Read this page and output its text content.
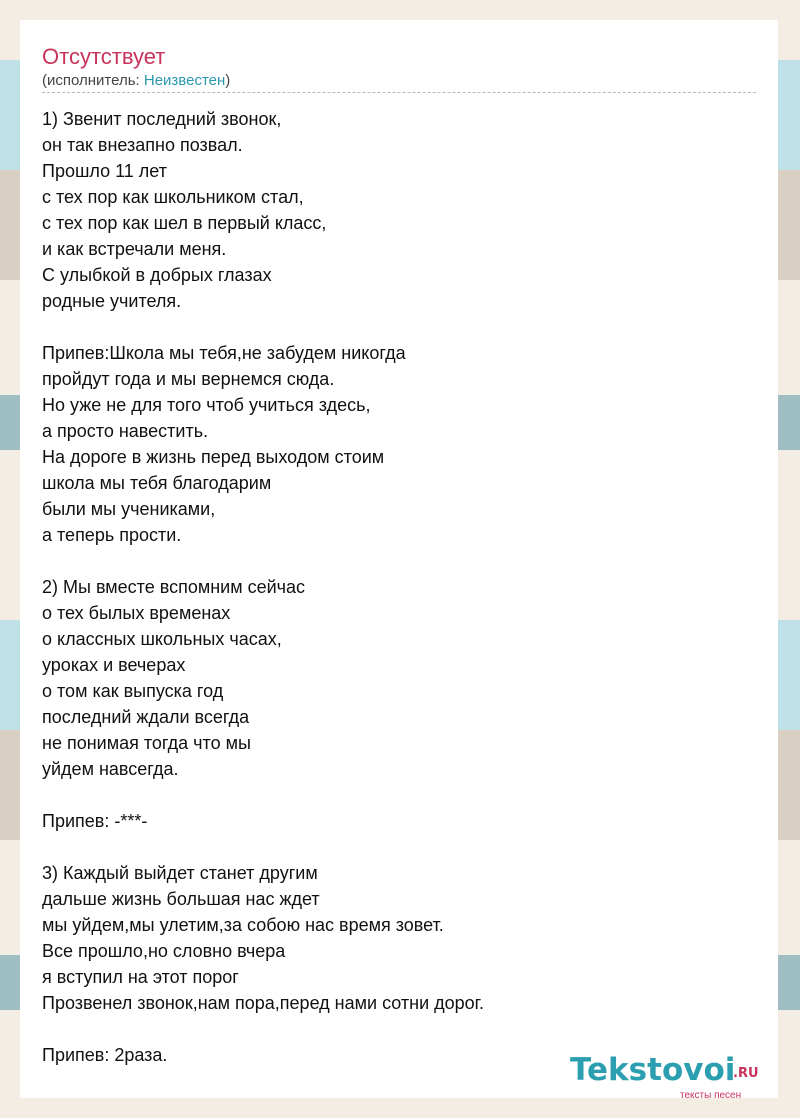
Отсутствует
(исполнитель: Неизвестен)
1) Звенит последний звонок,
он так внезапно позвал.
Прошло 11 лет
с тех пор как школьником стал,
с тех пор как шел в первый класс,
и как встречали меня.
С улыбкой в добрых глазах
родные учителя.
Припев:Школа мы тебя,не забудем никогда
пройдут года и мы вернемся сюда.
Но уже не для того чтоб учиться здесь,
а просто навестить.
На дороге в жизнь перед выходом стоим
школа мы тебя благодарим
были мы учениками,
а теперь прости.
2) Мы вместе вспомним сейчас
о тех былых временах
о классных школьных часах,
уроках и вечерах
о том как выпуска год
последний ждали всегда
не понимая тогда что мы
уйдем навсегда.
Припев: -***-
3) Каждый выйдет станет другим
дальше жизнь большая нас ждет
мы уйдем,мы улетим,за собою нас время зовет.
Все прошло,но словно вчера
я вступил на этот порог
Прозвенел звонок,нам пора,перед нами сотни дорог.
Припев: 2раза.	Tekstovoi
.RU
тексты песен
